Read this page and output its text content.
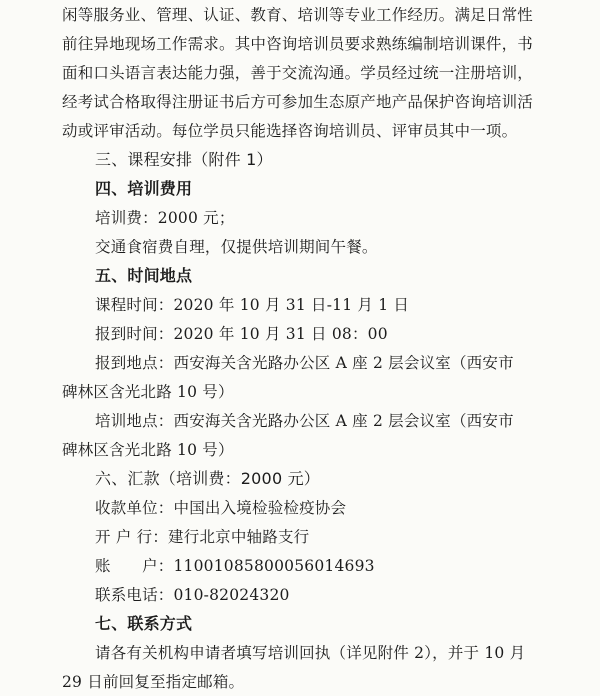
闲等服务业、管理、认证、教育、培训等专业工作经历。满足日常性
前往异地现场工作需求。其中咨询培训员要求熟练编制培训课件，书
面和口头语言表达能力强，善于交流沟通。学员经过统一注册培训，
经考试合格取得注册证书后方可参加生态原产地产品保护咨询培训活
动或评审活动。每位学员只能选择咨询培训员、评审员其中一项。
三、课程安排（附件 1）
四、培训费用
培训费：2000 元；
交通食宿费自理，仅提供培训期间午餐。
五、时间地点
课程时间：2020 年 10 月 31 日-11 月 1 日
报到时间：2020 年 10 月 31 日 08：00
报到地点：西安海关含光路办公区 A 座 2 层会议室（西安市
碑林区含光北路 10 号）
培训地点：西安海关含光路办公区 A 座 2 层会议室（西安市
碑林区含光北路 10 号）
六、汇款（培训费：2000 元）
收款单位：中国出入境检验检疫协会
开 户 行：建行北京中轴路支行
账　　户：11001085800056014693
联系电话：010-82024320
七、联系方式
请各有关机构申请者填写培训回执（详见附件 2），并于 10 月
29 日前回复至指定邮箱。
